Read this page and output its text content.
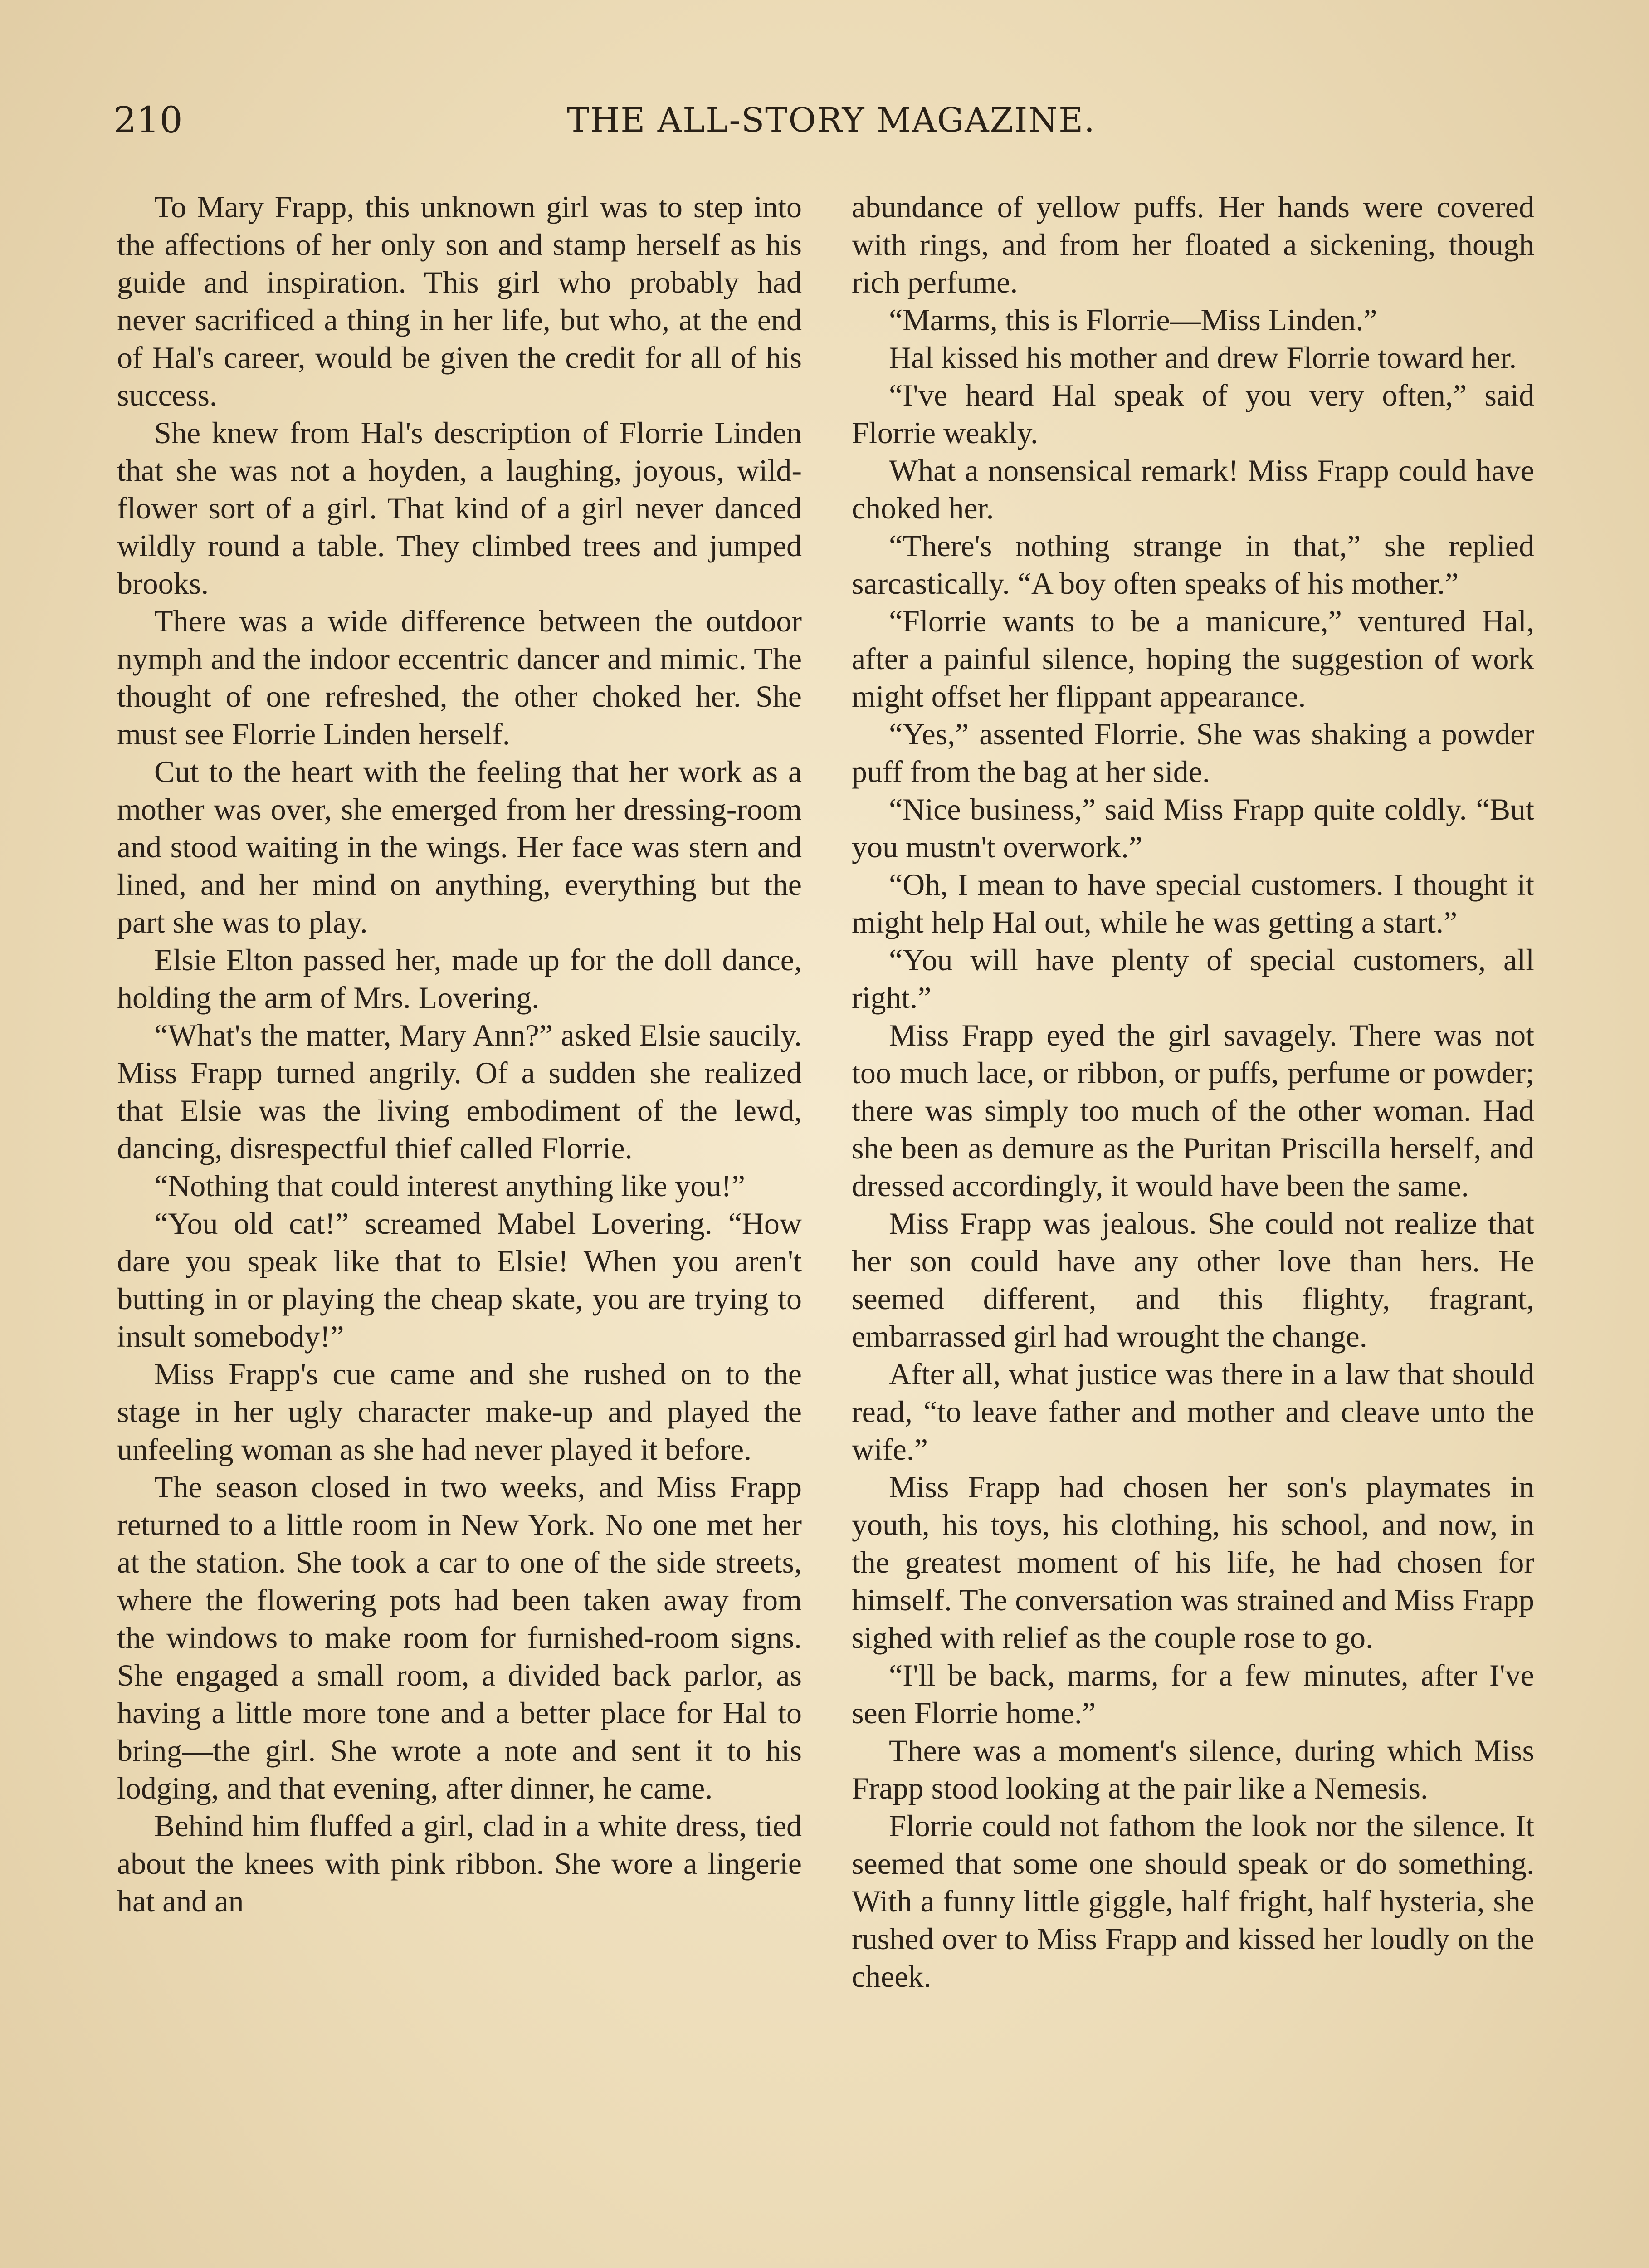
210	THE ALL-STORY MAGAZINE.

To Mary Frapp, this unknown girl was to step into the affections of her only son and stamp herself as his guide and inspiration. This girl who probably had never sacrificed a thing in her life, but who, at the end of Hal's career, would be given the credit for all of his success.

She knew from Hal's description of Florrie Linden that she was not a hoyden, a laughing, joyous, wild-flower sort of a girl. That kind of a girl never danced wildly round a table. They climbed trees and jumped brooks.

There was a wide difference between the outdoor nymph and the indoor eccentric dancer and mimic. The thought of one refreshed, the other choked her. She must see Florrie Linden herself.

Cut to the heart with the feeling that her work as a mother was over, she emerged from her dressing-room and stood waiting in the wings. Her face was stern and lined, and her mind on anything, everything but the part she was to play.

Elsie Elton passed her, made up for the doll dance, holding the arm of Mrs. Lovering.

“What's the matter, Mary Ann?” asked Elsie saucily. Miss Frapp turned angrily. Of a sudden she realized that Elsie was the living embodiment of the lewd, dancing, disrespectful thief called Florrie.

“Nothing that could interest anything like you!”

“You old cat!” screamed Mabel Lovering. “How dare you speak like that to Elsie! When you aren't butting in or playing the cheap skate, you are trying to insult somebody!”

Miss Frapp's cue came and she rushed on to the stage in her ugly character make-up and played the unfeeling woman as she had never played it before.

The season closed in two weeks, and Miss Frapp returned to a little room in New York. No one met her at the station. She took a car to one of the side streets, where the flowering pots had been taken away from the windows to make room for furnished-room signs. She engaged a small room, a divided back parlor, as having a little more tone and a better place for Hal to bring—the girl. She wrote a note and sent it to his lodging, and that evening, after dinner, he came.

Behind him fluffed a girl, clad in a white dress, tied about the knees with pink ribbon. She wore a lingerie hat and an

abundance of yellow puffs. Her hands were covered with rings, and from her floated a sickening, though rich perfume.

“Marms, this is Florrie—Miss Linden.”

Hal kissed his mother and drew Florrie toward her.

“I've heard Hal speak of you very often,” said Florrie weakly.

What a nonsensical remark! Miss Frapp could have choked her.

“There's nothing strange in that,” she replied sarcastically. “A boy often speaks of his mother.”

“Florrie wants to be a manicure,” ventured Hal, after a painful silence, hoping the suggestion of work might offset her flippant appearance.

“Yes,” assented Florrie. She was shaking a powder puff from the bag at her side.

“Nice business,” said Miss Frapp quite coldly. “But you mustn't overwork.”

“Oh, I mean to have special customers. I thought it might help Hal out, while he was getting a start.”

“You will have plenty of special customers, all right.”

Miss Frapp eyed the girl savagely. There was not too much lace, or ribbon, or puffs, perfume or powder; there was simply too much of the other woman. Had she been as demure as the Puritan Priscilla herself, and dressed accordingly, it would have been the same.

Miss Frapp was jealous. She could not realize that her son could have any other love than hers. He seemed different, and this flighty, fragrant, embarrassed girl had wrought the change.

After all, what justice was there in a law that should read, “to leave father and mother and cleave unto the wife.”

Miss Frapp had chosen her son's playmates in youth, his toys, his clothing, his school, and now, in the greatest moment of his life, he had chosen for himself. The conversation was strained and Miss Frapp sighed with relief as the couple rose to go.

“I'll be back, marms, for a few minutes, after I've seen Florrie home.”

There was a moment's silence, during which Miss Frapp stood looking at the pair like a Nemesis.

Florrie could not fathom the look nor the silence. It seemed that some one should speak or do something. With a funny little giggle, half fright, half hysteria, she rushed over to Miss Frapp and kissed her loudly on the cheek.
